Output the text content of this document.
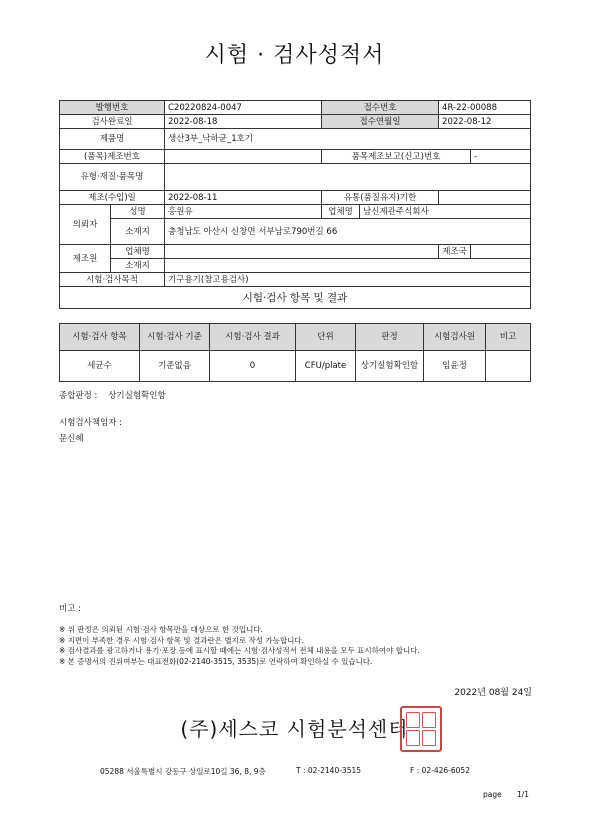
시험 · 검사성적서
발행번호		C20220824-0047	접수번호		4R-22-00088	
검사완료일		2022-08-18	접수연월일		2022-08-12	
제품명		생산3부_낙하균_1호기				
(품목)제조번호			품목제조보고(신고)번호			-
유형·재질·품목명						
제조(수입)일		2022-08-11	유통(품질유지)기한			
의뢰자	성명	홍원유	업체명	남신제관주식회사		
	소재지	충청남도 아산시 신창면 서부남로790번길 66				
제조원	업체명				제조국	
	소재지					
시험·검사목적		기구용기(참고용검사)				
시험·검사 항목 및 결과						
시험·검사 항목	시험·검사 기준	시험·검사 결과	단위	판정	시험검사원	비고
세균수	기준없음	0	CFU/plate	상기실험확인함	임윤정	
종합판정 :    상기실험확인함
시험검사책임자 :
문신혜
비고 :
※ 위 판정은 의뢰된 시험·검사 항목만을 대상으로 한 것입니다.
※ 지면이 부족한 경우 시험·검사 항목 및 결과란은 별지로 작성 가능합니다.
※ 검사결과를 광고하거나 용기·포장 등에 표시할 때에는 시험·검사성적서 전체 내용을 모두 표시하여야 합니다.
※ 본 증명서의 진위여부는 대표전화(02-2140-3515, 3535)로 연락하여 확인하실 수 있습니다.
2022년 08월 24일
(주)세스코 시험분석센터
05288 서울특별시 강동구 상일로10길 36, 8, 9층	T : 02-2140-3515	F : 02-426-6052
page 1/1
